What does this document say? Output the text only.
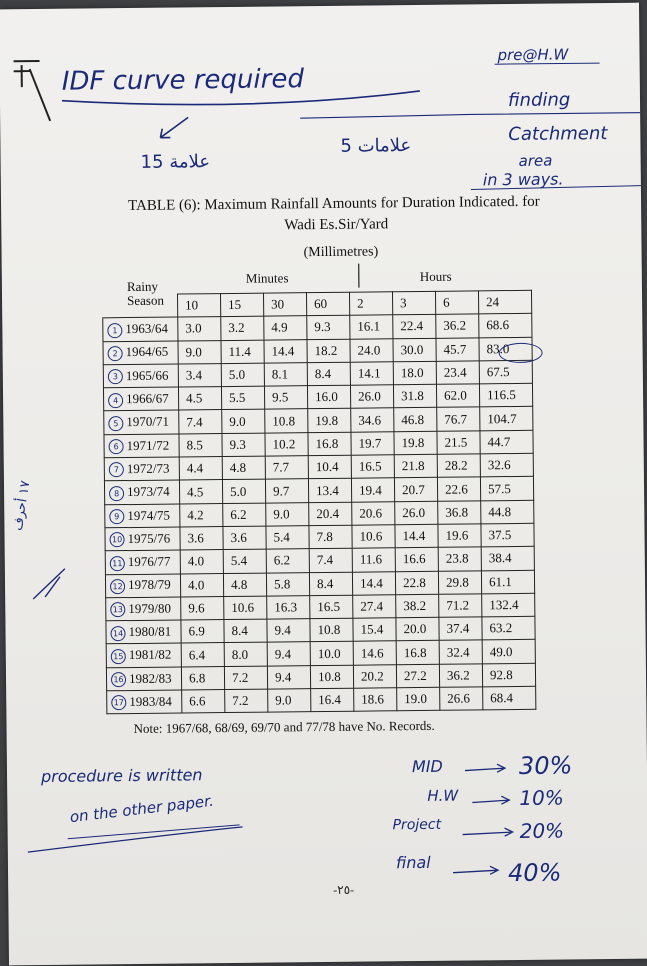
IDF curve required
pre@H.W
finding
Catchment
area
in 3 ways.
15 علامة
5 علامات
١٧ أحرف
TABLE (6): Maximum Rainfall Amounts for Duration Indicated. for
Wadi Es.Sir/Yard
(Millimetres)
Minutes	Hours
Rainy Season
		10	15	30	60	2	3	6	24
1 1963/64	3.0	3.2	4.9	9.3	16.1	22.4	36.2	68.6
2 1964/65	9.0	11.4	14.4	18.2	24.0	30.0	45.7	83.0
3 1965/66	3.4	5.0	8.1	8.4	14.1	18.0	23.4	67.5
4 1966/67	4.5	5.5	9.5	16.0	26.0	31.8	62.0	116.5
5 1970/71	7.4	9.0	10.8	19.8	34.6	46.8	76.7	104.7
6 1971/72	8.5	9.3	10.2	16.8	19.7	19.8	21.5	44.7
7 1972/73	4.4	4.8	7.7	10.4	16.5	21.8	28.2	32.6
8 1973/74	4.5	5.0	9.7	13.4	19.4	20.7	22.6	57.5
9 1974/75	4.2	6.2	9.0	20.4	20.6	26.0	36.8	44.8
10 1975/76	3.6	3.6	5.4	7.8	10.6	14.4	19.6	37.5
11 1976/77	4.0	5.4	6.2	7.4	11.6	16.6	23.8	38.4
12 1978/79	4.0	4.8	5.8	8.4	14.4	22.8	29.8	61.1
13 1979/80	9.6	10.6	16.3	16.5	27.4	38.2	71.2	132.4
14 1980/81	6.9	8.4	9.4	10.8	15.4	20.0	37.4	63.2
15 1981/82	6.4	8.0	9.4	10.0	14.6	16.8	32.4	49.0
16 1982/83	6.8	7.2	9.4	10.8	20.2	27.2	36.2	92.8
17 1983/84	6.6	7.2	9.0	16.4	18.6	19.0	26.6	68.4
Note: 1967/68, 68/69, 69/70 and 77/78 have No. Records.
procedure is written
on the other paper.
MID	30%
H.W	10%
Project	20%
final	40%
-٢٥-
